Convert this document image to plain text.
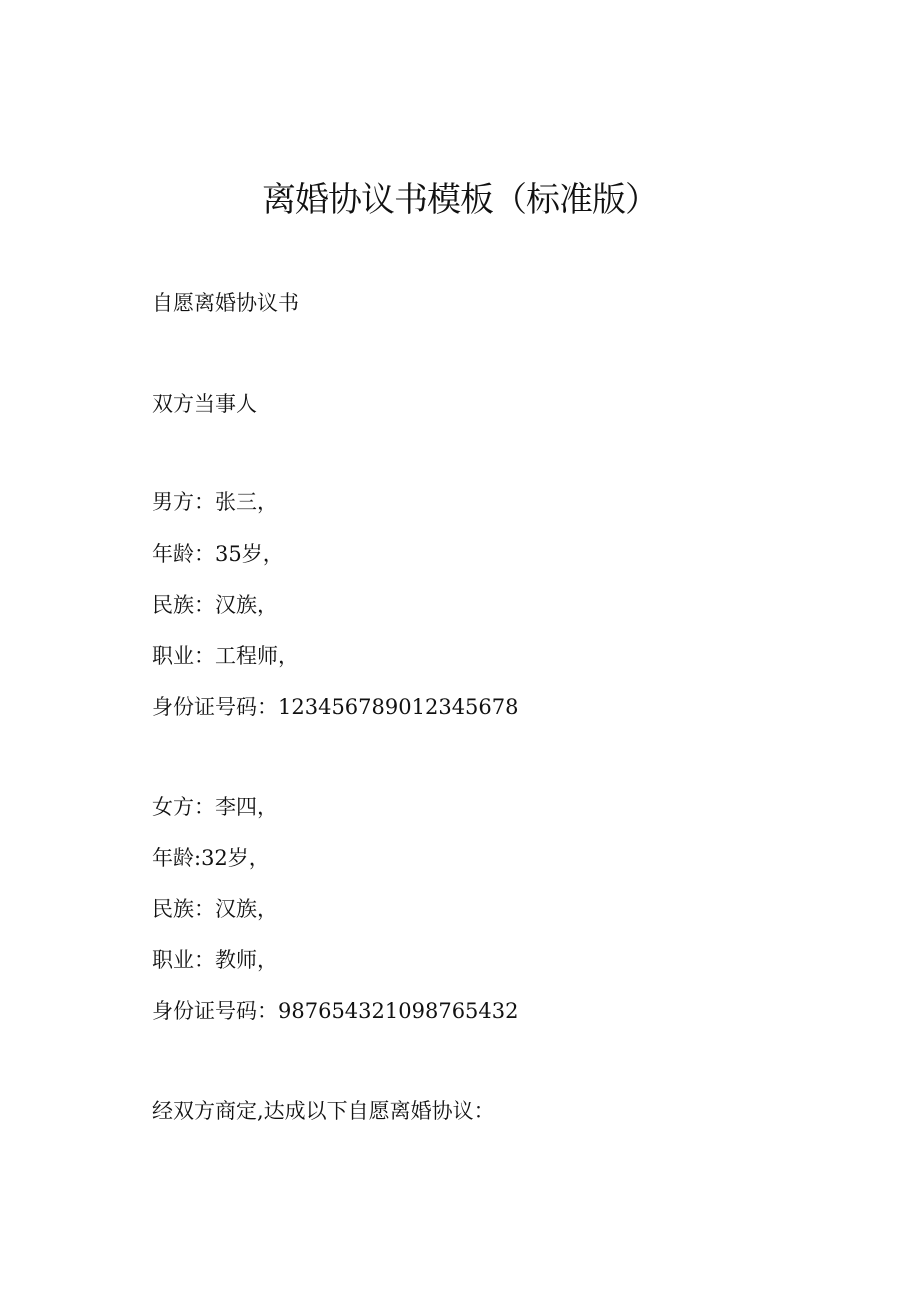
离婚协议书模板（标准版）

自愿离婚协议书

双方当事人

男方：张三，

年龄：35岁，

民族：汉族，

职业：工程师，

身份证号码：123456789012345678

女方：李四，

年龄:32岁，

民族：汉族，

职业：教师，

身份证号码：987654321098765432

经双方商定,达成以下自愿离婚协议：
